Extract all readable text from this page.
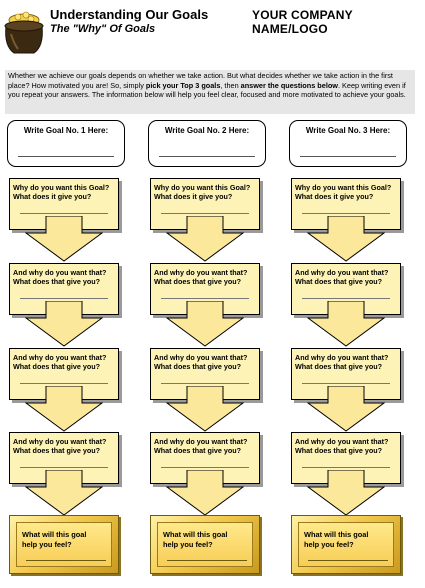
Understanding Our Goals
The "Why" Of Goals
YOUR COMPANY NAME/LOGO
Whether we achieve our goals depends on whether we take action. But what decides whether we take action in the first place? How motivated you are! So, simply pick your Top 3 goals, then answer the questions below. Keep writing even if you repeat your answers. The information below will help you feel clear, focused and more motivated to achieve your goals.
Write Goal No. 1 Here:
Why do you want this Goal?
What does it give you?
And why do you want that?
What does that give you?
And why do you want that?
What does that give you?
And why do you want that?
What does that give you?
What will this goal
help you feel?
Write Goal No. 2 Here:
Why do you want this Goal?
What does it give you?
And why do you want that?
What does that give you?
And why do you want that?
What does that give you?
And why do you want that?
What does that give you?
What will this goal
help you feel?
Write Goal No. 3 Here:
Why do you want this Goal?
What does it give you?
And why do you want that?
What does that give you?
And why do you want that?
What does that give you?
And why do you want that?
What does that give you?
What will this goal
help you feel?
